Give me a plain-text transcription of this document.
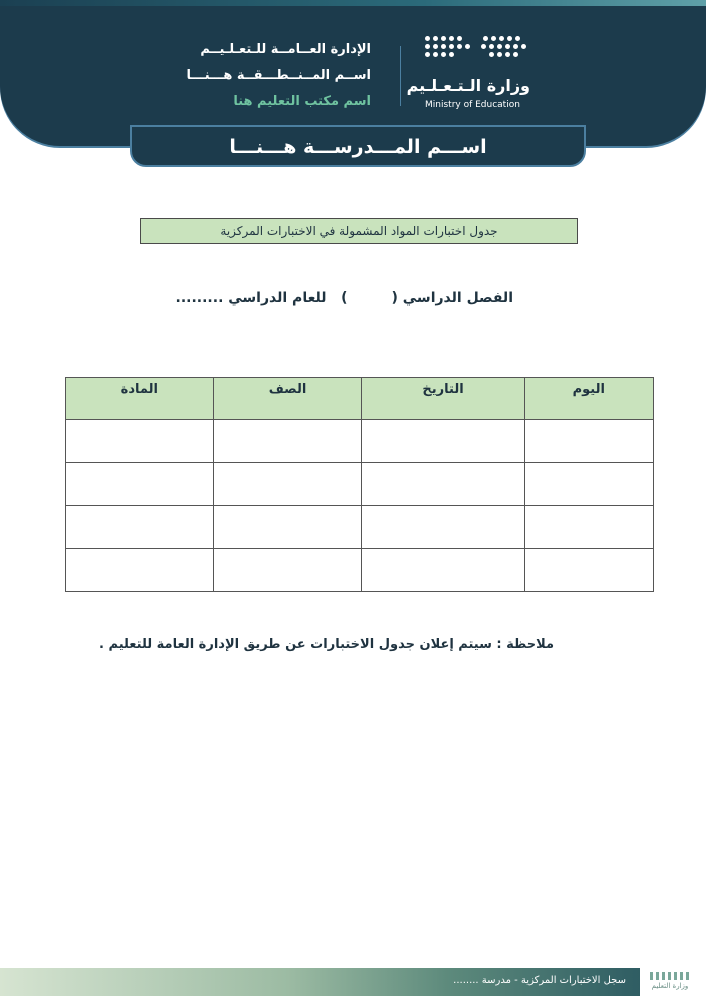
وزارة الـتـعـلـيم
Ministry of Education
الإدارة العــامــة للـتعـلـيــم
اســم المــنــطـــقــة هـــنـــا
اسم مكتب التعليم هنا
اســـم المـــدرســـة هـــنـــا
جدول اختبارات المواد المشمولة في الاختبارات المركزية
الفصل الدراسي ()   للعام الدراسي .........
اليوم	التاريخ	الصف	المادة

ملاحظة : سيتم إعلان جدول الاختبارات عن طريق الإدارة العامة للتعليم .
سجل الاختبارات المركزية - مدرسة ........	وزارة التعليم
